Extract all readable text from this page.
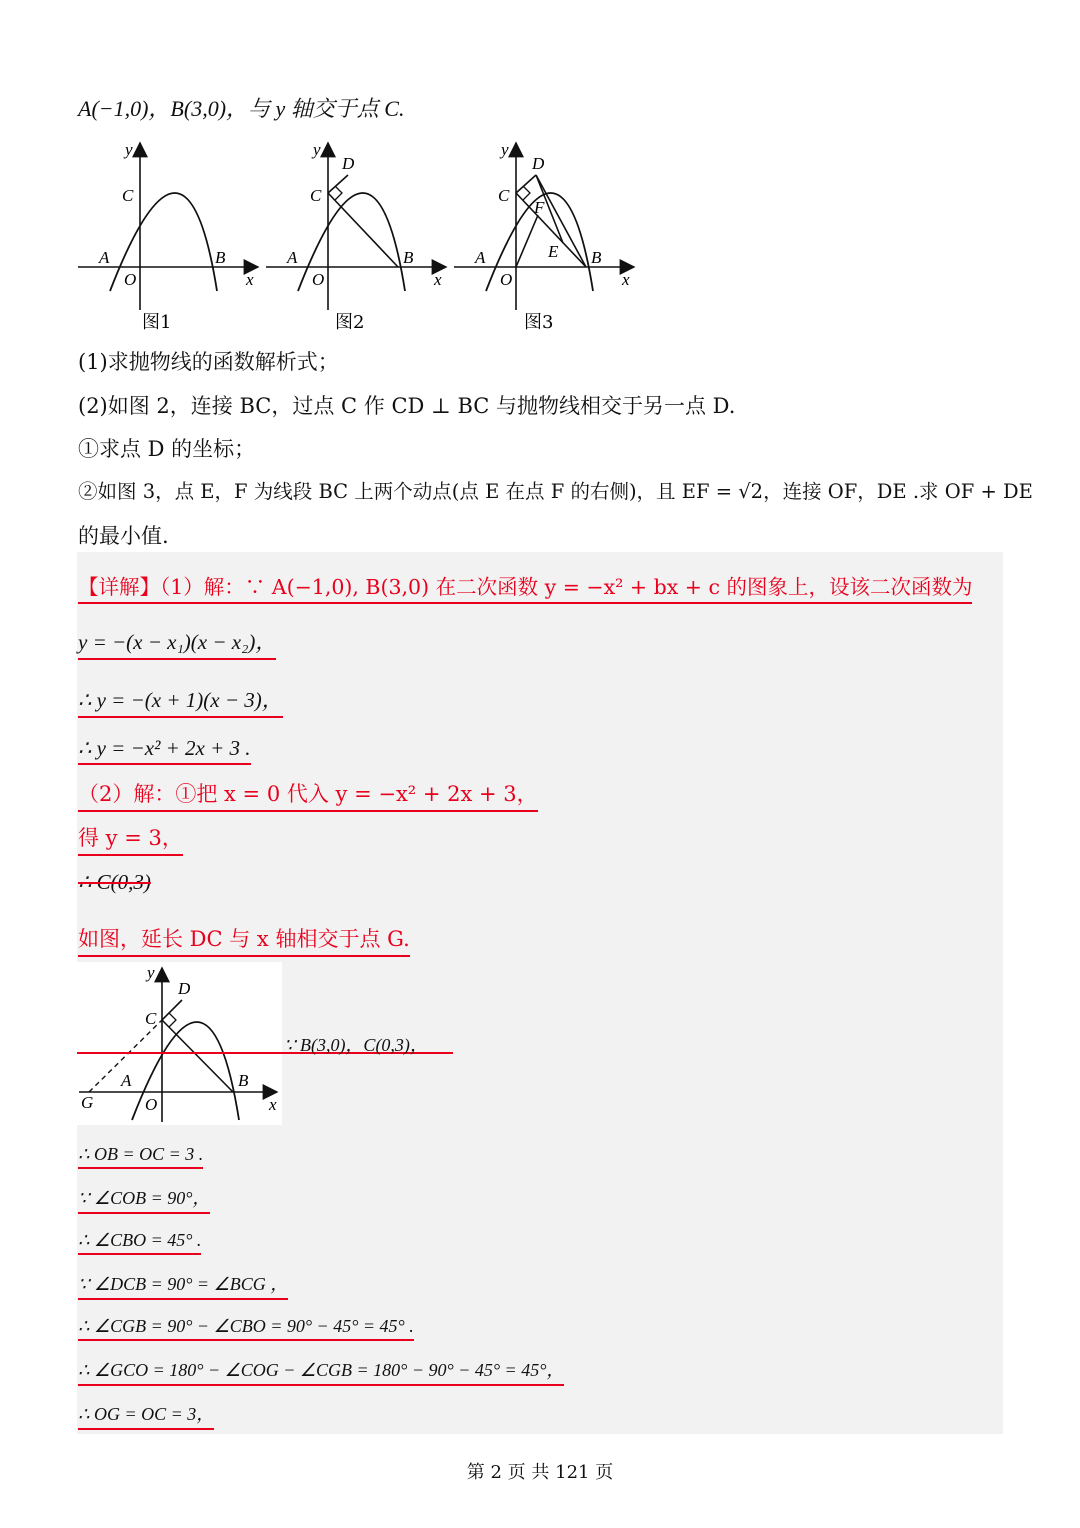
A(−1,0)，B(3,0)，与 y 轴交于点 C.
y
x
C
A	B
O
图1
y
x
C
D
A	B
O
图2
y
x
C
D
F
E
A	B
O
图3
(1)求抛物线的函数解析式；
(2)如图 2，连接 BC，过点 C 作 CD ⊥ BC 与抛物线相交于另一点 D.
①求点 D 的坐标；
②如图 3，点 E，F 为线段 BC 上两个动点(点 E 在点 F 的右侧)，且 EF = √2，连接 OF，DE .求 OF + DE
的最小值.
【详解】（1）解：∵ A(−1,0), B(3,0) 在二次函数 y = −x² + bx + c 的图象上，设该二次函数为
y = −(x − x₁)(x − x₂)，
∴ y = −(x + 1)(x − 3)，
∴ y = −x² + 2x + 3 .
（2）解：①把 x = 0 代入 y = −x² + 2x + 3，
得 y = 3，
∴ C(0,3)
如图，延长 DC 与 x 轴相交于点 G.
y
x
C
D
A	B
O
G
∵ B(3,0)，C(0,3)，
∴ OB = OC = 3 .
∵ ∠COB = 90°，
∴ ∠CBO = 45° .
∵ ∠DCB = 90° = ∠BCG ，
∴ ∠CGB = 90° − ∠CBO = 90° − 45° = 45° .
∴ ∠GCO = 180° − ∠COG − ∠CGB = 180° − 90° − 45° = 45°，
∴ OG = OC = 3，
第 2 页 共 121 页
